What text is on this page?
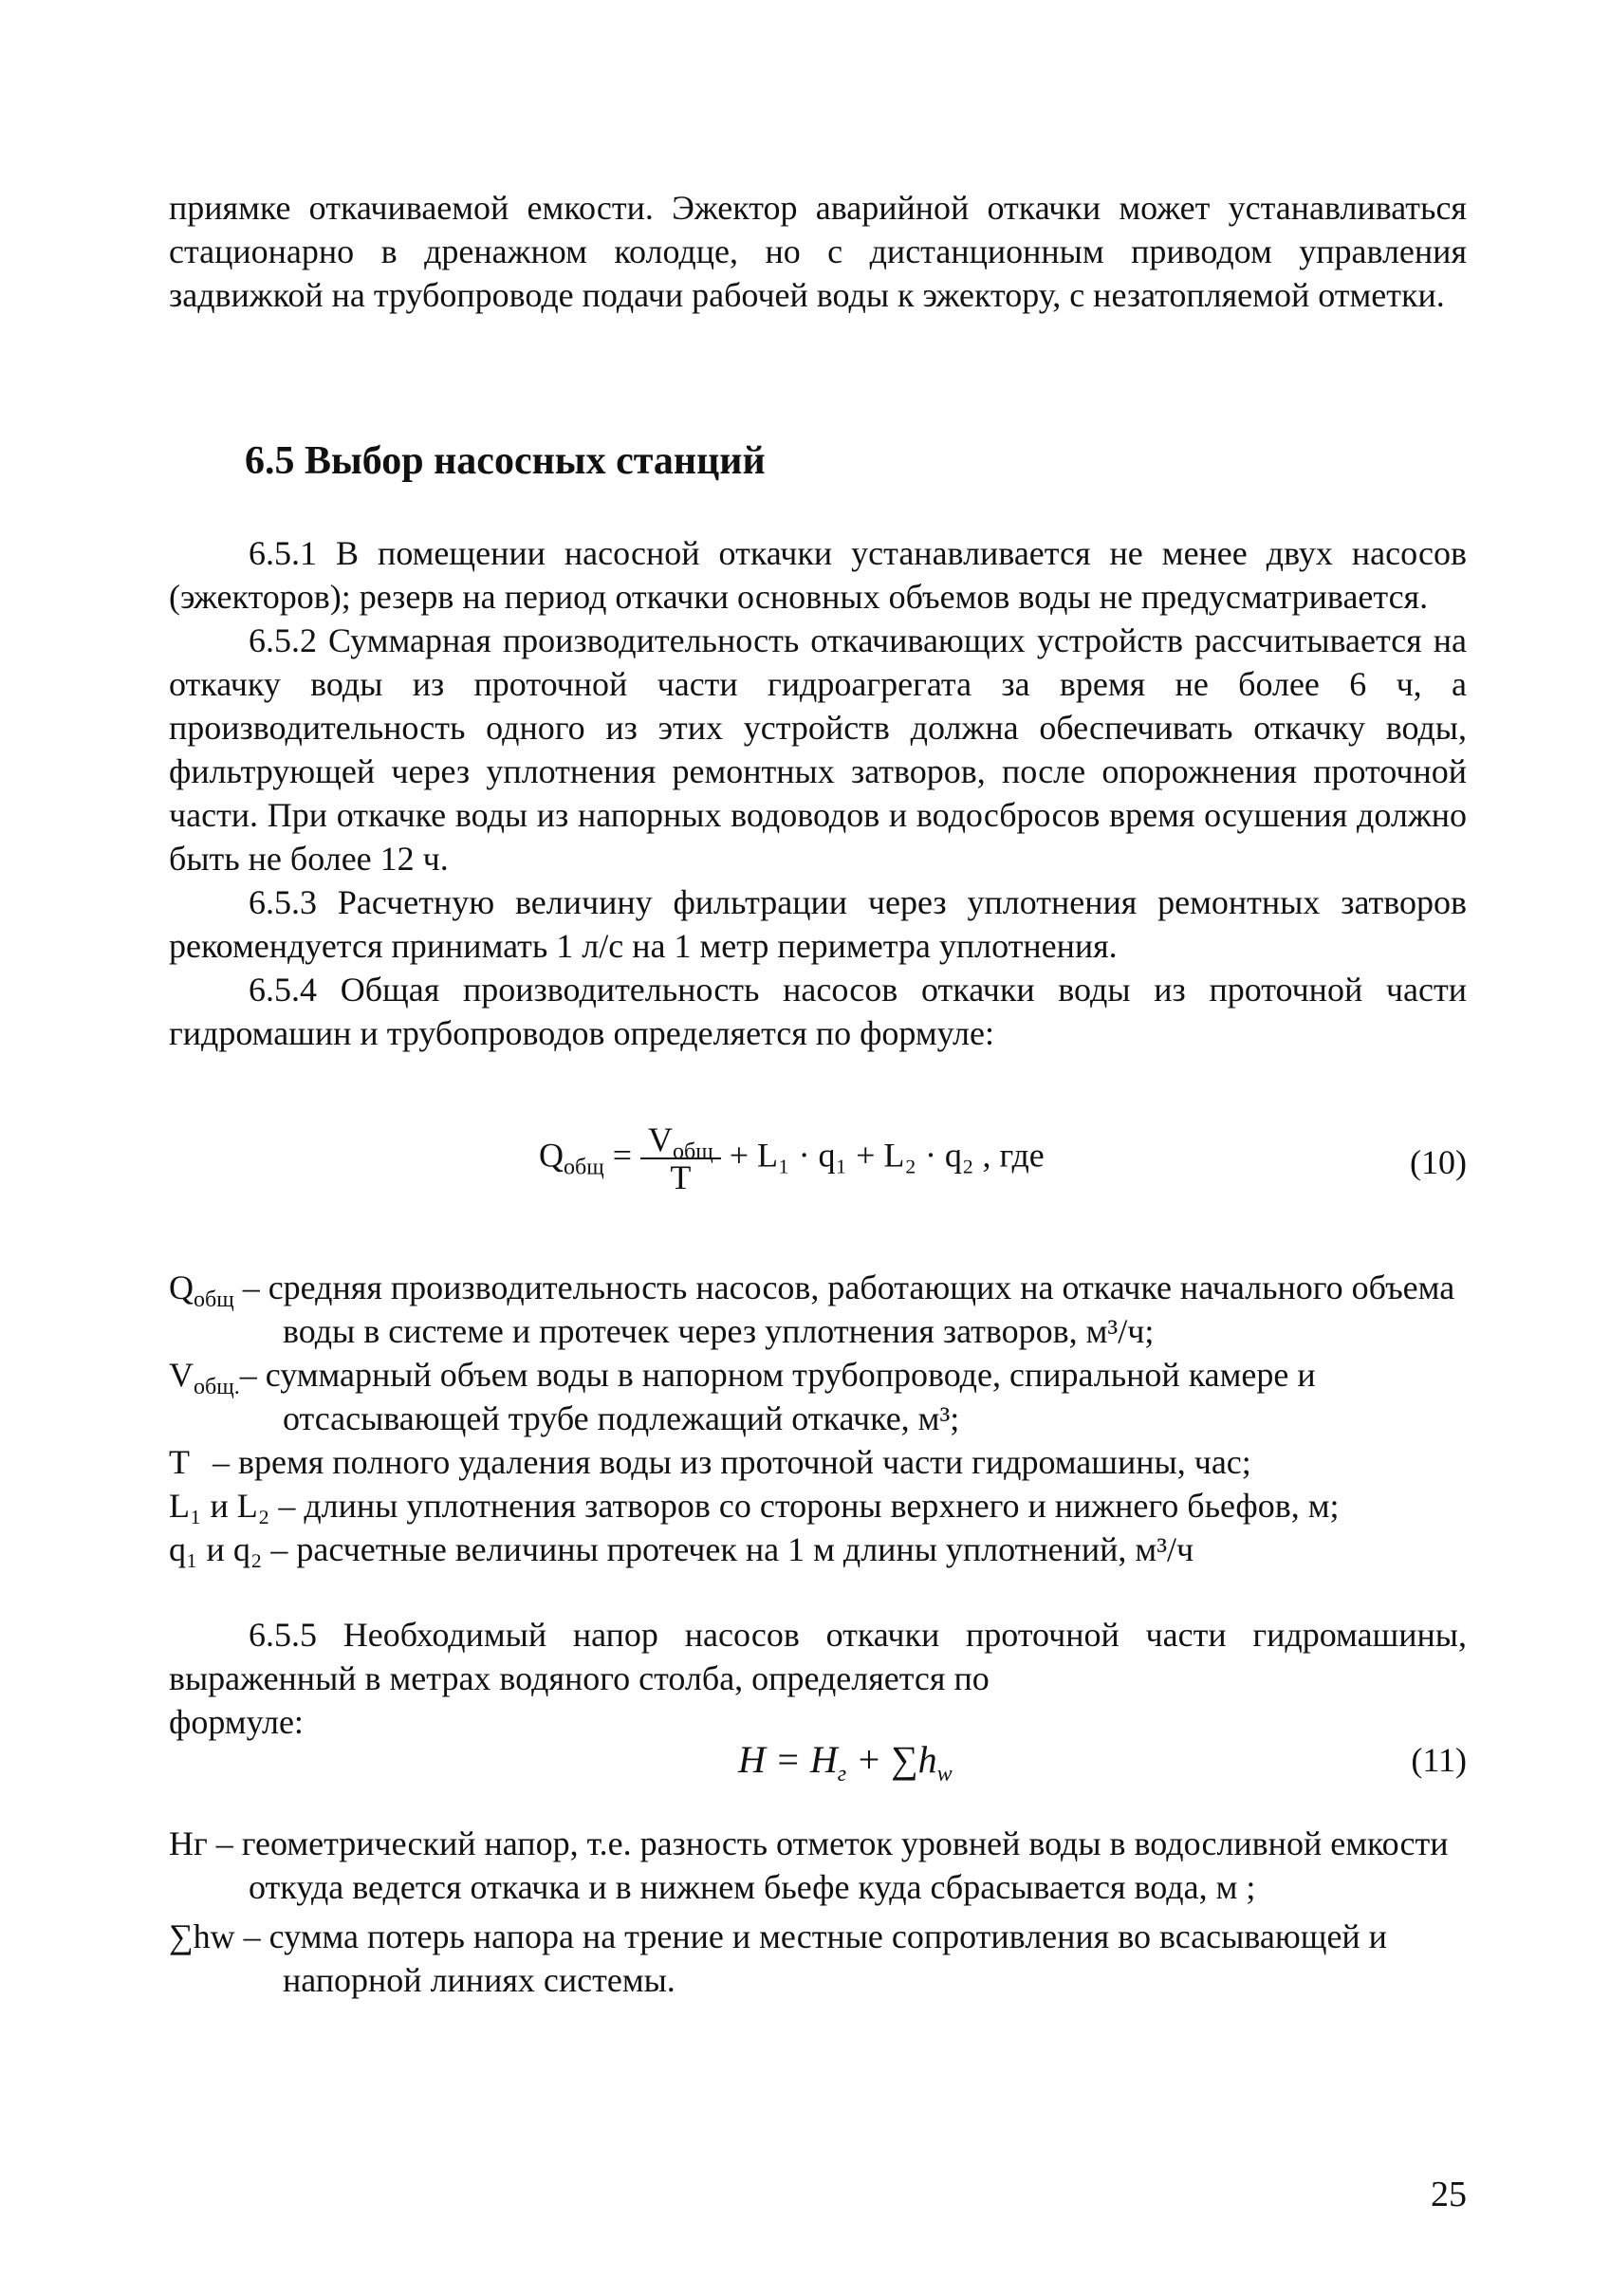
приямке откачиваемой емкости. Эжектор аварийной откачки может устанавливаться стационарно в дренажном колодце, но с дистанционным приводом управления задвижкой на трубопроводе подачи рабочей воды к эжектору, с незатопляемой отметки.

6.5 Выбор насосных станций

6.5.1 В помещении насосной откачки устанавливается не менее двух насосов (эжекторов); резерв на период откачки основных объемов воды не предусматривается.

6.5.2 Суммарная производительность откачивающих устройств рассчитывается на откачку воды из проточной части гидроагрегата за время не более 6 ч, а производительность одного из этих устройств должна обеспечивать откачку воды, фильтрующей через уплотнения ремонтных затворов, после опорожнения проточной части. При откачке воды из напорных водоводов и водосбросов время осушения должно быть не более 12 ч.

6.5.3 Расчетную величину фильтрации через уплотнения ремонтных затворов рекомендуется принимать 1 л/с на 1 метр периметра уплотнения.

6.5.4 Общая производительность насосов откачки воды из проточной части гидромашин и трубопроводов определяется по формуле:

$Q_{общ} = \frac{V_{общ}}{T} + L_1 \cdot q_1 + L_2 \cdot q_2$ , где	(10)

$Q_{общ}$ – средняя производительность насосов, работающих на откачке начального объема воды в системе и протечек через уплотнения затворов, м³/ч;

$V_{общ.}-$ суммарный объем воды в напорном трубопроводе, спиральной камере и отсасывающей трубе подлежащий откачке, м³;

T – время полного удаления воды из проточной части гидромашины, час;

L₁ и L₂ – длины уплотнения затворов со стороны верхнего и нижнего бьефов, м;

q₁ и q₂ – расчетные величины протечек на 1 м длины уплотнений, м³/ч

6.5.5 Необходимый напор насосов откачки проточной части гидромашины, выраженный в метрах водяного столба, определяется по

формуле:

$H = H_г + \sum h_w$	(11)

Hг – геометрический напор, т.е. разность отметок уровней воды в водосливной емкости откуда ведется откачка и в нижнем бьефе куда сбрасывается вода, м ;

∑hw – сумма потерь напора на трение и местные сопротивления во всасывающей и напорной линиях системы.

25
